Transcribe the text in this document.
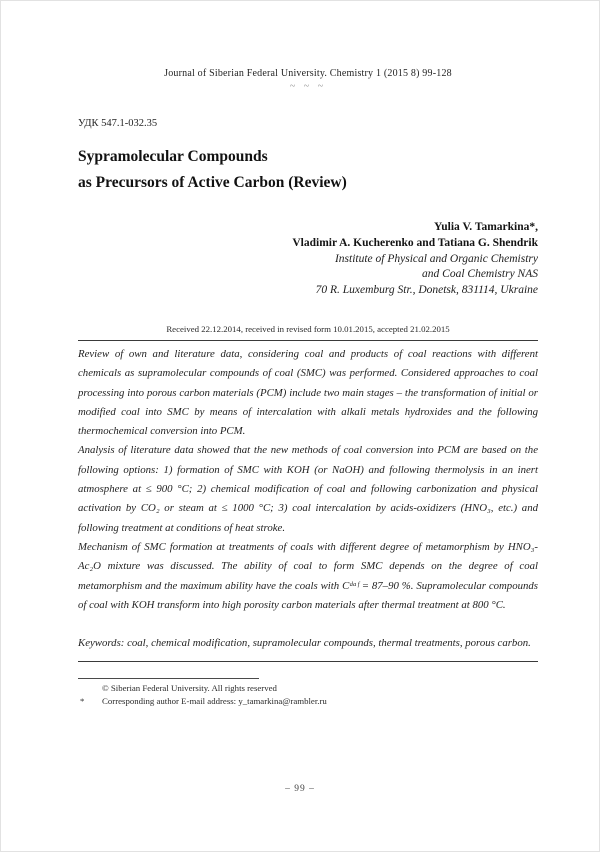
Journal of Siberian Federal University. Chemistry 1 (2015 8) 99-128
~ ~ ~
УДК 547.1-032.35
Sypramolecular Compounds
as Precursors of Active Carbon (Review)
Yulia V. Tamarkina*,
Vladimir A. Kucherenko and Tatiana G. Shendrik
Institute of Physical and Organic Chemistry
and Coal Chemistry NAS
70 R. Luxemburg Str., Donetsk, 831114, Ukraine
Received 22.12.2014, received in revised form 10.01.2015, accepted 21.02.2015

Review of own and literature data, considering coal and products of coal reactions with different chemicals as supramolecular compounds of coal (SMC) was performed. Considered approaches to coal processing into porous carbon materials (PCM) include two main stages – the transformation of initial or modified coal into SMC by means of intercalation with alkali metals hydroxides and the following thermochemical conversion into PCM.

Analysis of literature data showed that the new methods of coal conversion into PCM are based on the following options: 1) formation of SMC with KOH (or NaOH) and following thermolysis in an inert atmosphere at ≤ 900 °C; 2) chemical modification of coal and following carbonization and physical activation by CO₂ or steam at ≤ 1000 °C; 3) coal intercalation by acids-oxidizers (HNO₃, etc.) and following treatment at conditions of heat stroke.

Mechanism of SMC formation at treatments of coals with different degree of metamorphism by HNO₃-Ac₂O mixture was discussed. The ability of coal to form SMC depends on the degree of coal metamorphism and the maximum ability have the coals with Cᵈᵃᶠ = 87–90 %. Supramolecular compounds of coal with KOH transform into high porosity carbon materials after thermal treatment at 800 °C.

Keywords: coal, chemical modification, supramolecular compounds, thermal treatments, porous carbon.

© Siberian Federal University. All rights reserved
* Corresponding author E-mail address: y_tamarkina@rambler.ru
– 99 –
